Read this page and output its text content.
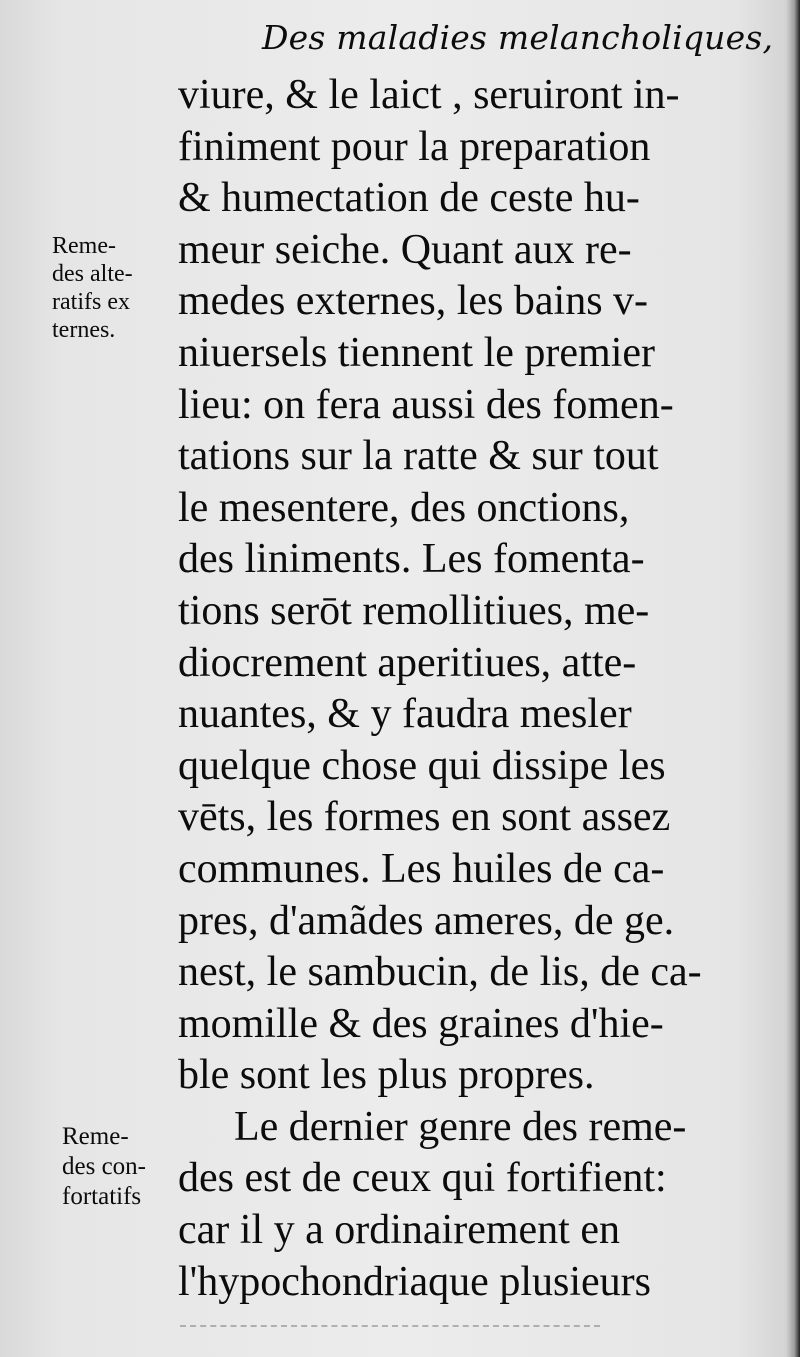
Des maladies melancholiques,
Reme-
des alte-
ratifs ex
ternes.
Reme-
des con-
fortatifs
viure, & le laict , seruiront in-
finiment pour la preparation
& humectation de ceste hu-
meur seiche. Quant aux re-
medes externes, les bains v-
niuersels tiennent le premier
lieu: on fera aussi des fomen-
tations sur la ratte & sur tout
le mesentere, des onctions,
des liniments. Les fomenta-
tions serōt remollitiues, me-
diocrement aperitiues, atte-
nuantes, & y faudra mesler
quelque chose qui dissipe les
vēts, les formes en sont assez
communes. Les huiles de ca-
pres, d'amãdes ameres, de ge.
nest, le sambucin, de lis, de ca-
momille & des graines d'hie-
ble sont les plus propres.
Le dernier genre des reme-
des est de ceux qui fortifient:
car il y a ordinairement en
l'hypochondriaque plusieurs
